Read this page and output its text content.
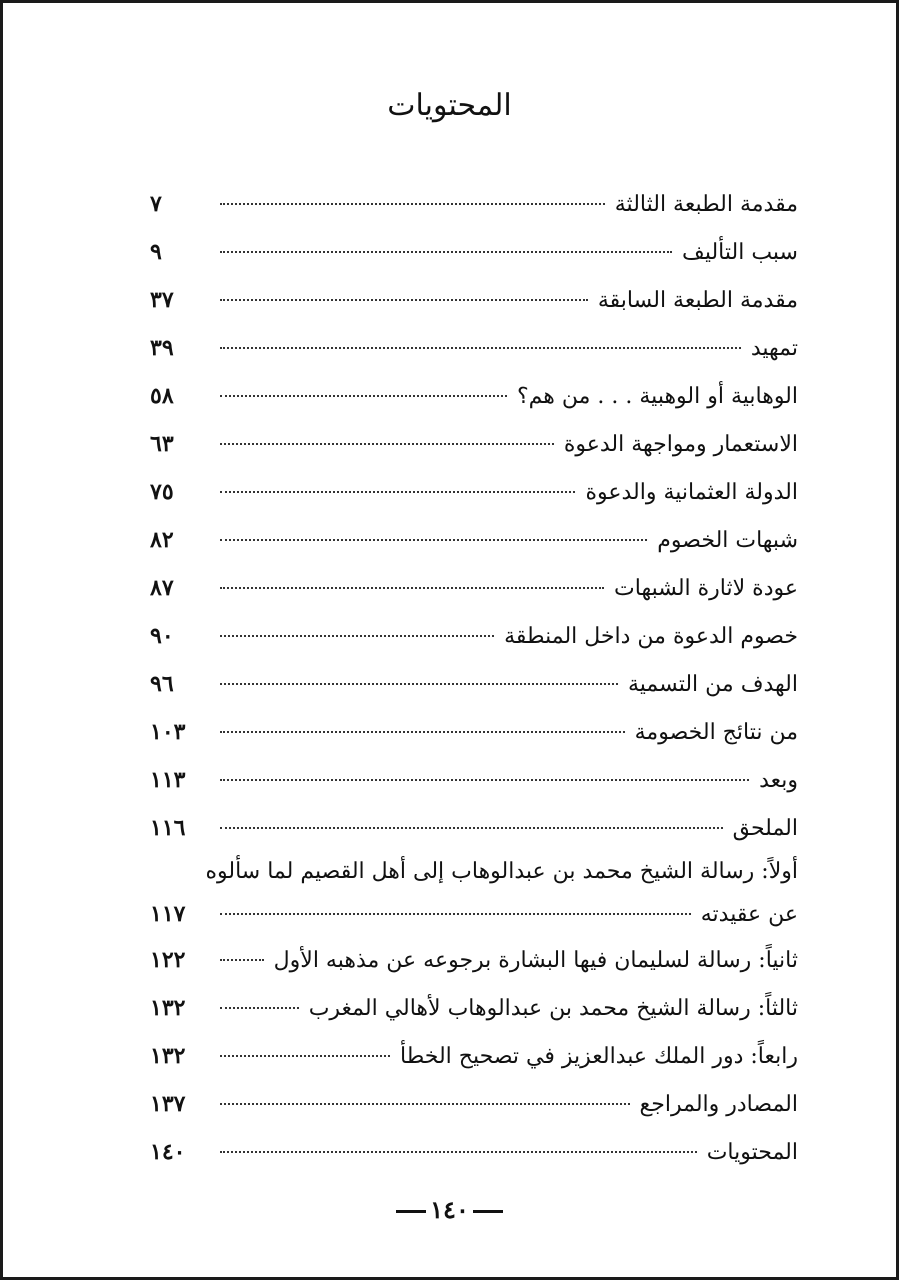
المحتويات
مقدمة الطبعة الثالثة
٧
سبب التأليف
٩
مقدمة الطبعة السابقة
٣٧
تمهيد
٣٩
الوهابية أو الوهبية . . . من هم؟
٥٨
الاستعمار ومواجهة الدعوة
٦٣
الدولة العثمانية والدعوة
٧٥
شبهات الخصوم
٨٢
عودة لاثارة الشبهات
٨٧
خصوم الدعوة من داخل المنطقة
٩٠
الهدف من التسمية
٩٦
من نتائج الخصومة
١٠٣
وبعد
١١٣
الملحق
١١٦
أولاً: رسالة الشيخ محمد بن عبدالوهاب إلى أهل القصيم لما سألوه
عن عقيدته
١١٧
ثانياً: رسالة لسليمان فيها البشارة برجوعه عن مذهبه الأول
١٢٢
ثالثاً: رسالة الشيخ محمد بن عبدالوهاب لأهالي المغرب
١٣٢
رابعاً: دور الملك عبدالعزيز في تصحيح الخطأ
١٣٢
المصادر والمراجع
١٣٧
المحتويات
١٤٠
١٤٠
